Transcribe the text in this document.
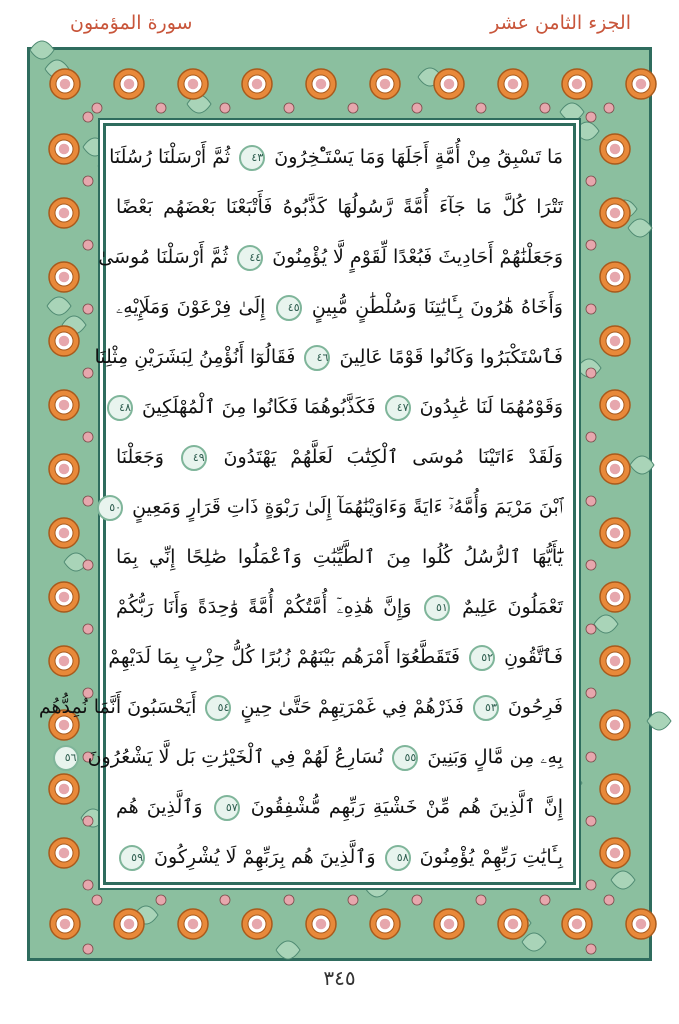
الجزء الثامن عشر
سورة المؤمنون
مَا تَسْبِقُ مِنْ أُمَّةٍ أَجَلَهَا وَمَا يَسْتَـْٔخِرُونَ ٤٣ ثُمَّ أَرْسَلْنَا رُسُلَنَا
تَتْرَا كُلَّ مَا جَآءَ أُمَّةً رَّسُولُهَا كَذَّبُوهُ فَأَتْبَعْنَا بَعْضَهُم بَعْضًا
وَجَعَلْنَٰهُمْ أَحَادِيثَ فَبُعْدًا لِّقَوْمٍ لَّا يُؤْمِنُونَ ٤٤ ثُمَّ أَرْسَلْنَا مُوسَىٰ
وَأَخَاهُ هَٰرُونَ بِـَٔايَٰتِنَا وَسُلْطَٰنٍ مُّبِينٍ ٤٥ إِلَىٰ فِرْعَوْنَ وَمَلَإِيْهِۦ
فَٱسْتَكْبَرُوا وَكَانُوا قَوْمًا عَالِينَ ٤٦ فَقَالُوٓا أَنُؤْمِنُ لِبَشَرَيْنِ مِثْلِنَا
وَقَوْمُهُمَا لَنَا عَٰبِدُونَ ٤٧ فَكَذَّبُوهُمَا فَكَانُوا مِنَ ٱلْمُهْلَكِينَ ٤٨
وَلَقَدْ ءَاتَيْنَا مُوسَى ٱلْكِتَٰبَ لَعَلَّهُمْ يَهْتَدُونَ ٤٩ وَجَعَلْنَا
ٱبْنَ مَرْيَمَ وَأُمَّهُۥٓ ءَايَةً وَءَاوَيْنَٰهُمَآ إِلَىٰ رَبْوَةٍ ذَاتِ قَرَارٍ وَمَعِينٍ ٥٠
يَٰٓأَيُّهَا ٱلرُّسُلُ كُلُوا مِنَ ٱلطَّيِّبَٰتِ وَٱعْمَلُوا صَٰلِحًا إِنِّي بِمَا
تَعْمَلُونَ عَلِيمٌ ٥١ وَإِنَّ هَٰذِهِۦٓ أُمَّتُكُمْ أُمَّةً وَٰحِدَةً وَأَنَا رَبُّكُمْ
فَٱتَّقُونِ ٥٢ فَتَقَطَّعُوٓا أَمْرَهُم بَيْنَهُمْ زُبُرًا كُلُّ حِزْبٍ بِمَا لَدَيْهِمْ
فَرِحُونَ ٥٣ فَذَرْهُمْ فِي غَمْرَتِهِمْ حَتَّىٰ حِينٍ ٥٤ أَيَحْسَبُونَ أَنَّمَا نُمِدُّهُم
بِهِۦ مِن مَّالٍ وَبَنِينَ ٥٥ نُسَارِعُ لَهُمْ فِي ٱلْخَيْرَٰتِ بَل لَّا يَشْعُرُونَ ٥٦
إِنَّ ٱلَّذِينَ هُم مِّنْ خَشْيَةِ رَبِّهِم مُّشْفِقُونَ ٥٧ وَٱلَّذِينَ هُم
بِـَٔايَٰتِ رَبِّهِمْ يُؤْمِنُونَ ٥٨ وَٱلَّذِينَ هُم بِرَبِّهِمْ لَا يُشْرِكُونَ ٥٩
٣٤٥
